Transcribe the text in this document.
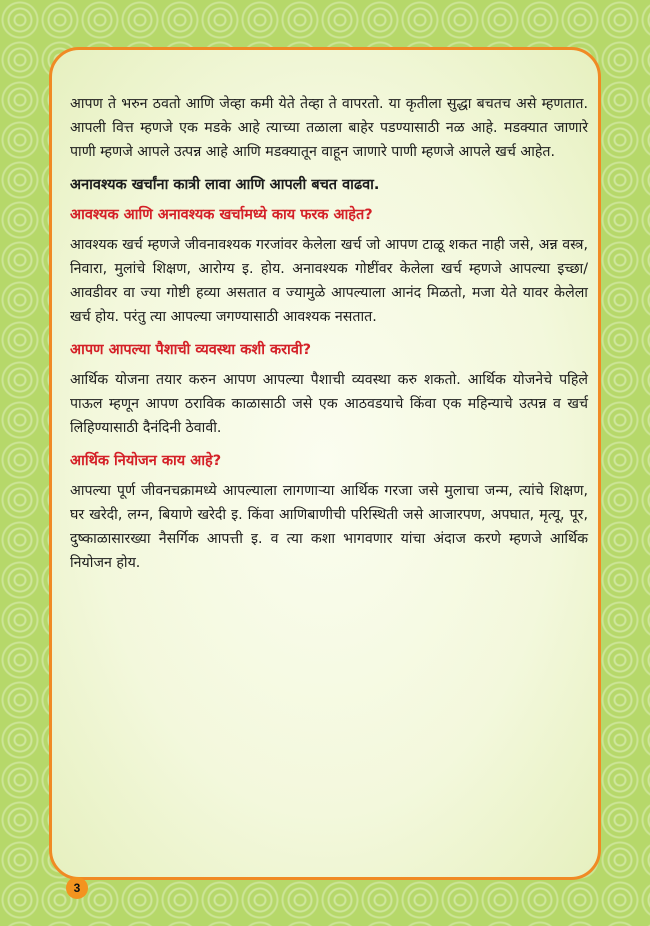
आपण ते भरुन ठवतो आणि जेव्हा कमी येते तेव्हा ते वापरतो. या कृतीला सुद्धा बचतच असे म्हणतात. आपली वित्त म्हणजे एक मडके आहे त्याच्या तळाला बाहेर पडण्यासाठी नळ आहे. मडक्यात जाणारे पाणी म्हणजे आपले उत्पन्न आहे आणि मडक्यातून वाहून जाणारे पाणी म्हणजे आपले खर्च आहेत.

अनावश्यक खर्चांना कात्री लावा आणि आपली बचत वाढवा.
आवश्यक आणि अनावश्यक खर्चामध्ये काय फरक आहेत?

आवश्यक खर्च म्हणजे जीवनावश्यक गरजांवर केलेला खर्च जो आपण टाळू शकत नाही जसे, अन्न वस्त्र, निवारा, मुलांचे शिक्षण, आरोग्य इ. होय. अनावश्यक गोष्टींवर केलेला खर्च म्हणजे आपल्या इच्छा/आवडीवर वा ज्या गोष्टी हव्या असतात व ज्यामुळे आपल्याला आनंद मिळतो, मजा येते यावर केलेला खर्च होय. परंतु त्या आपल्या जगण्यासाठी आवश्यक नसतात.

आपण आपल्या पैशाची व्यवस्था कशी करावी?

आर्थिक योजना तयार करुन आपण आपल्या पैशाची व्यवस्था करु शकतो. आर्थिक योजनेचे पहिले पाऊल म्हणून आपण ठराविक काळासाठी जसे एक आठवडयाचे किंवा एक महिन्याचे उत्पन्न व खर्च लिहिण्यासाठी दैनंदिनी ठेवावी.

आर्थिक नियोजन काय आहे?

आपल्या पूर्ण जीवनचक्रामध्ये आपल्याला लागणाऱ्या आर्थिक गरजा जसे मुलाचा जन्म, त्यांचे शिक्षण, घर खरेदी, लग्न, बियाणे खरेदी इ. किंवा आणिबाणीची परिस्थिती जसे आजारपण, अपघात, मृत्यू, पूर, दुष्काळासारख्या नैसर्गिक आपत्ती इ. व त्या कशा भागवणार यांचा अंदाज करणे म्हणजे आर्थिक नियोजन होय.

3
